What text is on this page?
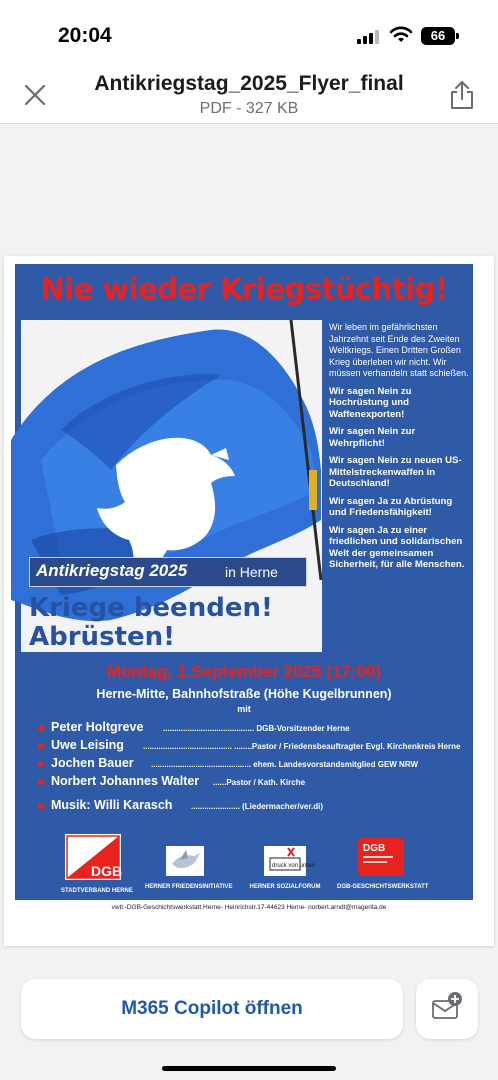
20:04	66
Antikriegstag_2025_Flyer_final
PDF - 327 KB
Nie wieder Kriegstüchtig!

Wir leben im gefährlichsten Jahrzehnt seit Ende des Zweiten Weltkriegs. Einen Dritten Großen Krieg überleben wir nicht. Wir müssen verhandeln statt schießen.

Wir sagen Nein zu Hochrüstung und Waffenexporten!

Wir sagen Nein zur Wehrpflicht!

Wir sagen Nein zu neuen US-Mittelstreckenwaffen in Deutschland!

Wir sagen Ja zu Abrüstung und Friedensfähigkeit!

Wir sagen Ja zu einer friedlichen und solidarischen Welt der gemeinsamen Sicherheit, für alle Menschen.

Antikriegstag 2025	in Herne
Kriege beenden!
Abrüsten!
Montag, 1.September 2025 (17:00)
Herne-Mitte, Bahnhofstraße (Höhe Kugelbrunnen)
mit
◆ Peter Holtgreve ......................................... DGB-Vorsitzender Herne
◆ Uwe Leising ........................................ ........Pastor / Friedensbeauftragter Evgl. Kirchenkreis Herne
◆ Jochen Bauer ............................................. ehem. Landesvorstandsmitglied GEW NRW
◆ Norbert Johannes Walter ......Pastor / Kath. Kirche
◆ Musik: Willi Karasch ...................... (Liedermacher/ver.di)
DGB
STADTVERBAND HERNE
HERNER FRIEDENSINITIATIVE
druck von unten
HERNER SOZIALFORUM
DGB
DGB-GESCHICHTSWERKSTATT
vwtl.-DGB-Geschichtswerkstatt Herne- Heinrichstr.17-44623 Herne- norbert.arndt@magenta.de
M365 Copilot öffnen
